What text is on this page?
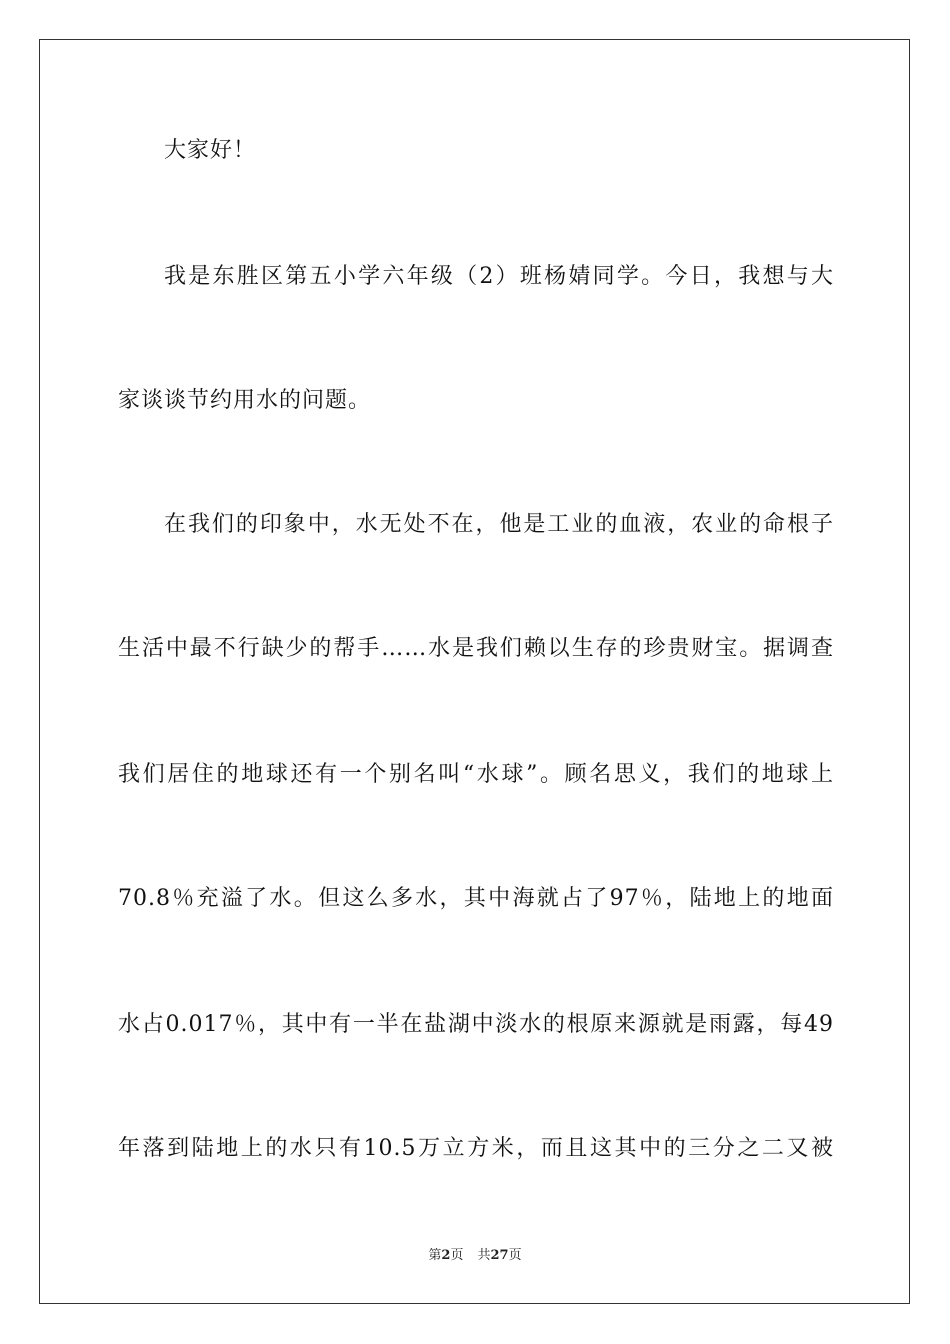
大家好！
我是东胜区第五小学六年级（2）班杨婧同学。今日，我想与大
家谈谈节约用水的问题。
在我们的印象中，水无处不在，他是工业的血液，农业的命根子
生活中最不行缺少的帮手……水是我们赖以生存的珍贵财宝。据调查
我们居住的地球还有一个别名叫“水球”。顾名思义，我们的地球上
70.8％充溢了水。但这么多水，其中海就占了97％，陆地上的地面
水占0.017％，其中有一半在盐湖中淡水的根原来源就是雨露，每49
年落到陆地上的水只有10.5万立方米，而且这其中的三分之二又被
第2页 共27页
